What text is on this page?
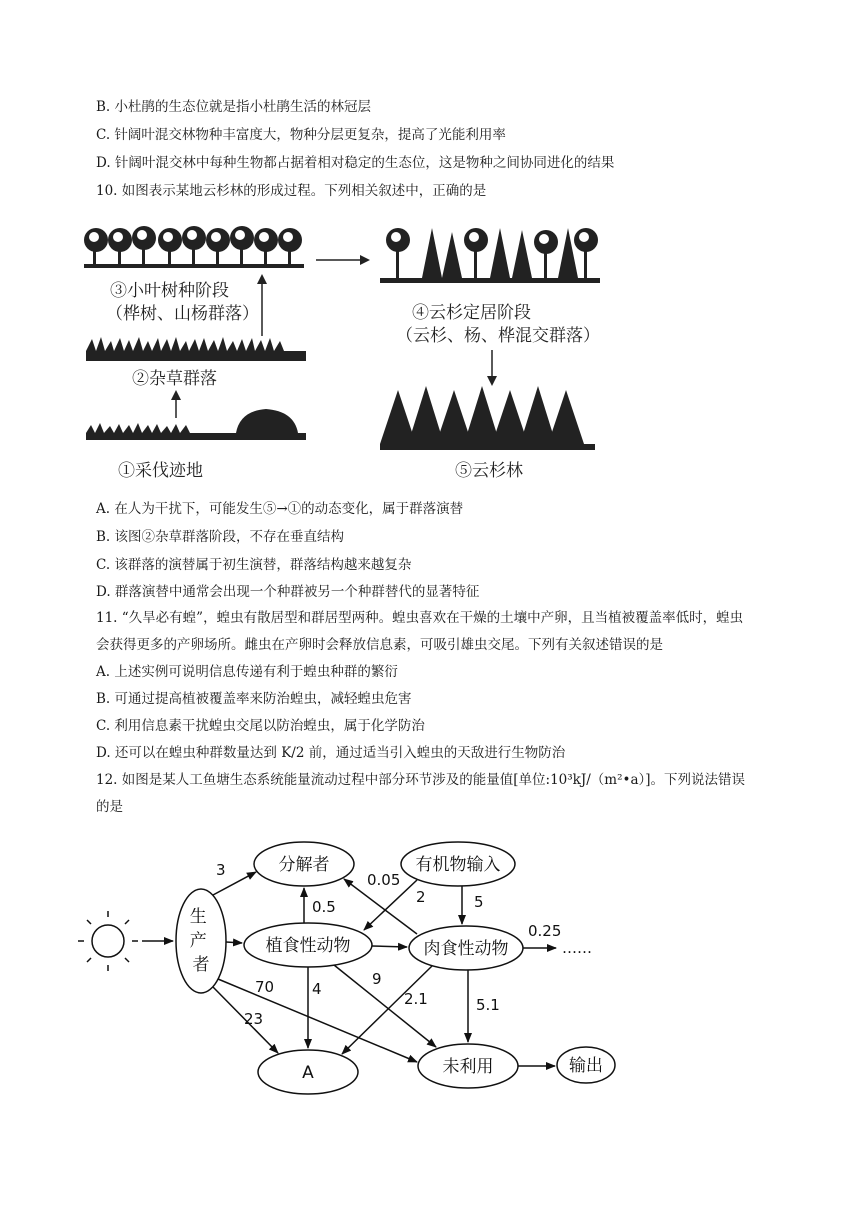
B. 小杜鹃的生态位就是指小杜鹃生活的林冠层
C. 针阔叶混交林物种丰富度大，物种分层更复杂，提高了光能利用率
D. 针阔叶混交林中每种生物都占据着相对稳定的生态位，这是物种之间协同进化的结果
10. 如图表示某地云杉林的形成过程。下列相关叙述中，正确的是
③小叶树种阶段
（桦树、山杨群落）
②杂草群落
①采伐迹地
④云杉定居阶段
（云杉、杨、桦混交群落）
⑤云杉林
A. 在人为干扰下，可能发生⑤→①的动态变化，属于群落演替
B. 该图②杂草群落阶段，不存在垂直结构
C. 该群落的演替属于初生演替，群落结构越来越复杂
D. 群落演替中通常会出现一个种群被另一个种群替代的显著特征
11. “久旱必有蝗”，蝗虫有散居型和群居型两种。蝗虫喜欢在干燥的土壤中产卵，且当植被覆盖率低时，蝗虫
会获得更多的产卵场所。雌虫在产卵时会释放信息素，可吸引雄虫交尾。下列有关叙述错误的是
A. 上述实例可说明信息传递有利于蝗虫种群的繁衍
B. 可通过提高植被覆盖率来防治蝗虫，减轻蝗虫危害
C. 利用信息素干扰蝗虫交尾以防治蝗虫，属于化学防治
D. 还可以在蝗虫种群数量达到 K/2 前，通过适当引入蝗虫的天敌进行生物防治
12. 如图是某人工鱼塘生态系统能量流动过程中部分环节涉及的能量值[单位:10³kJ/（m²•a）]。下列说法错误
的是
生 产 者
分解者	有机物输入
植食性动物	肉食性动物
A	未利用	输出
3
0.5
0.05
2	5
0.25
……
70
23
4
9
2.1	5.1
